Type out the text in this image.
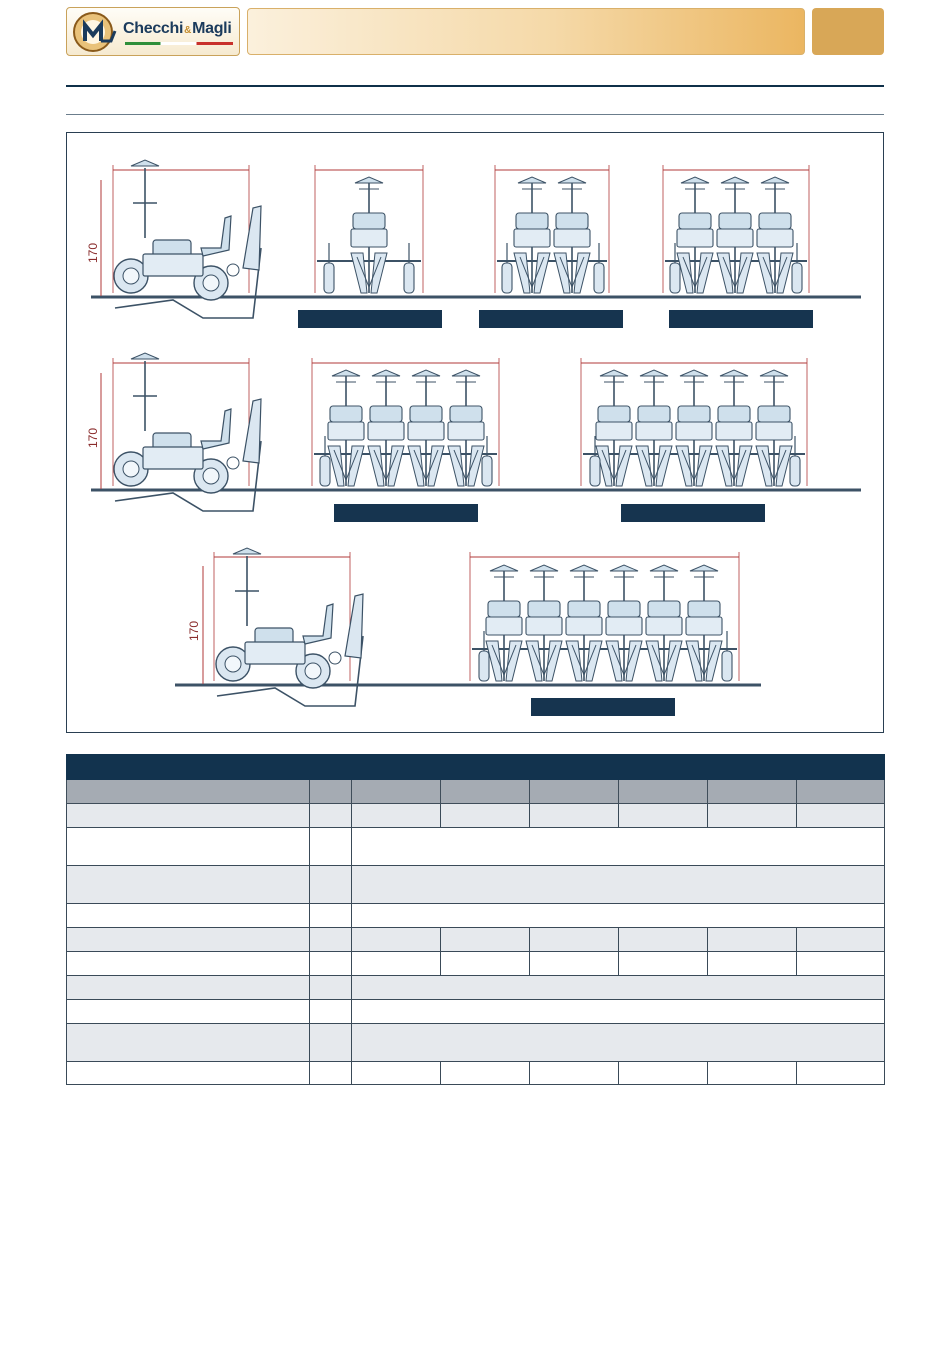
Checchi&Magli
170
170
170
